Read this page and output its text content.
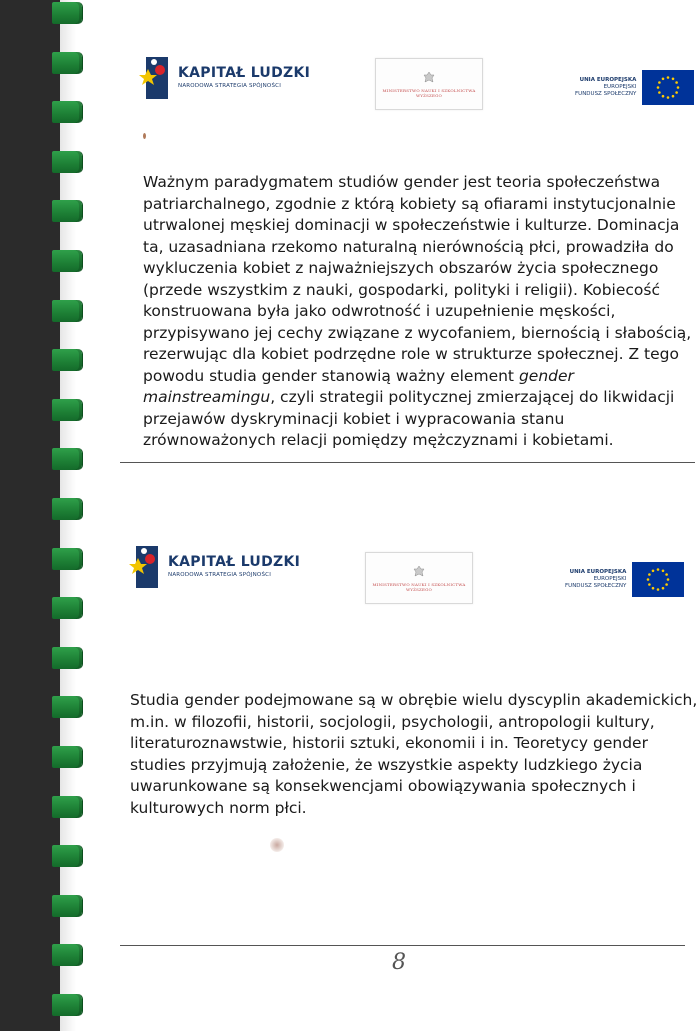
KAPITAŁ LUDZKI
NARODOWA STRATEGIA SPÓJNOŚCI
MINISTERSTWO NAUKI I SZKOLNICTWA WYŻSZEGO
UNIA EUROPEJSKA
EUROPEJSKI
FUNDUSZ SPOŁECZNY
Ważnym paradygmatem studiów gender jest teoria społeczeństwa patriarchalnego, zgodnie z którą kobiety są ofiarami instytucjonalnie utrwalonej męskiej dominacji w społeczeństwie i kulturze. Dominacja ta, uzasadniana rzekomo naturalną nierównością płci, prowadziła do wykluczenia kobiet z najważniejszych obszarów życia społecznego (przede wszystkim z nauki, gospodarki, polityki i religii). Kobiecość konstruowana była jako odwrotność i uzupełnienie męskości, przypisywano jej cechy związane z wycofaniem, biernością i słabością, rezerwując dla kobiet podrzędne role w strukturze społecznej. Z tego powodu studia gender stanowią ważny element gender mainstreamingu, czyli strategii politycznej zmierzającej do likwidacji przejawów dyskryminacji kobiet i wypracowania stanu zrównoważonych relacji pomiędzy mężczyznami i kobietami.
KAPITAŁ LUDZKI
NARODOWA STRATEGIA SPÓJNOŚCI
MINISTERSTWO NAUKI I SZKOLNICTWA WYŻSZEGO
UNIA EUROPEJSKA
EUROPEJSKI
FUNDUSZ SPOŁECZNY
Studia gender podejmowane są w obrębie wielu dyscyplin akademickich, m.in. w filozofii, historii, socjologii, psychologii, antropologii kultury, literaturoznawstwie, historii sztuki, ekonomii i in. Teoretycy gender studies przyjmują założenie, że wszystkie aspekty ludzkiego życia uwarunkowane są konsekwencjami obowiązywania społecznych i kulturowych norm płci.
8
